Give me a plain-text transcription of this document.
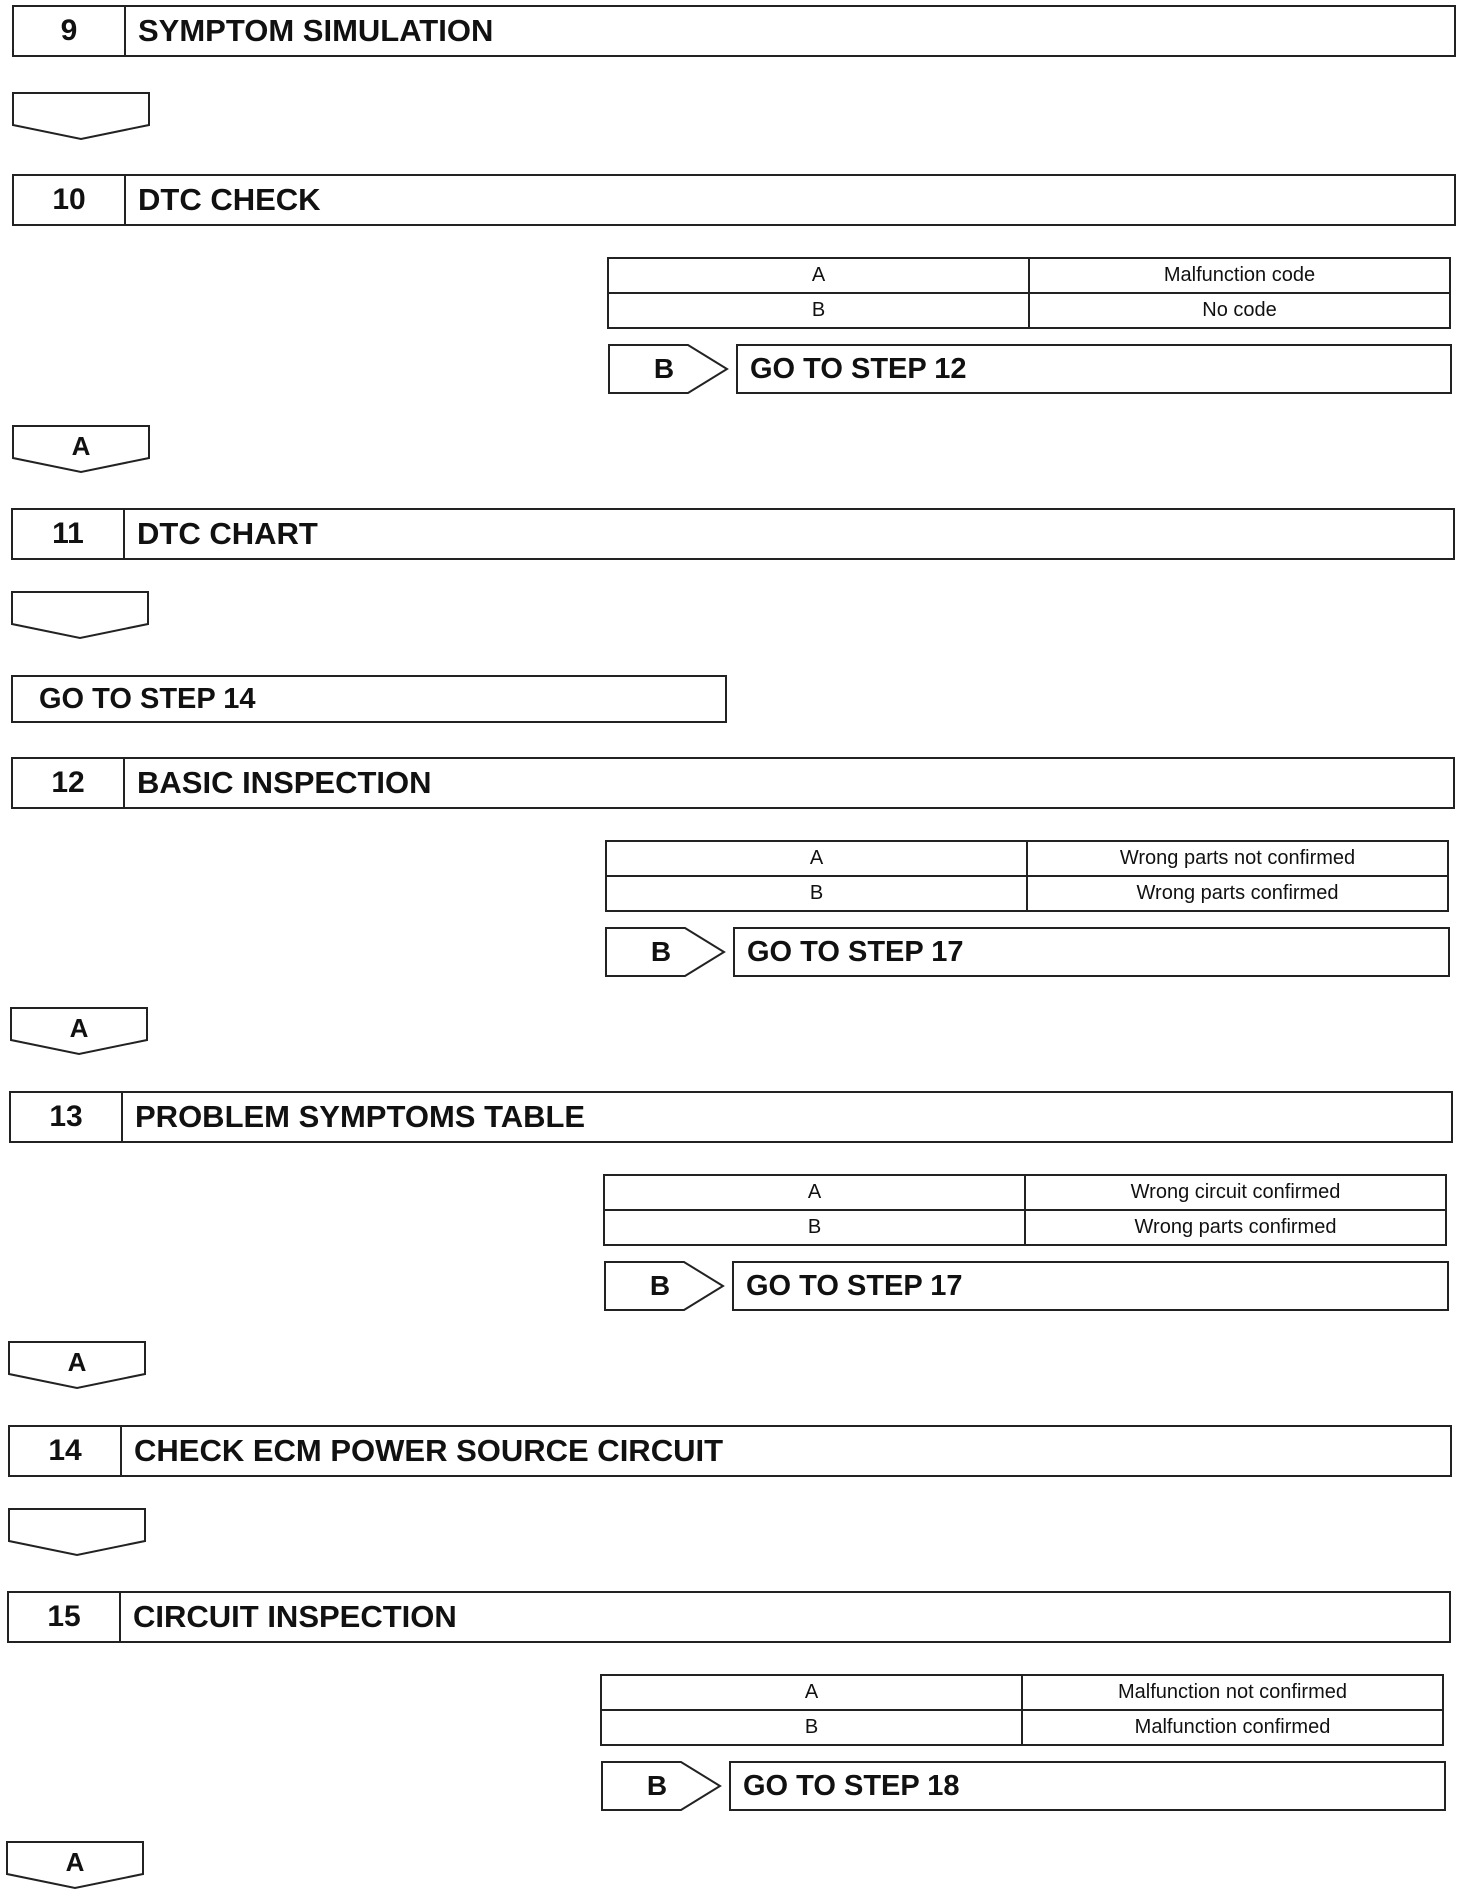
9	SYMPTOM SIMULATION
10	DTC CHECK
A	Malfunction code
B	No code
B	GO TO STEP 12
A
11	DTC CHART
GO TO STEP 14
12	BASIC INSPECTION
A	Wrong parts not confirmed
B	Wrong parts confirmed
B	GO TO STEP 17
A
13	PROBLEM SYMPTOMS TABLE
A	Wrong circuit confirmed
B	Wrong parts confirmed
B	GO TO STEP 17
A
14	CHECK ECM POWER SOURCE CIRCUIT
15	CIRCUIT INSPECTION
A	Malfunction not confirmed
B	Malfunction confirmed
B	GO TO STEP 18
A
